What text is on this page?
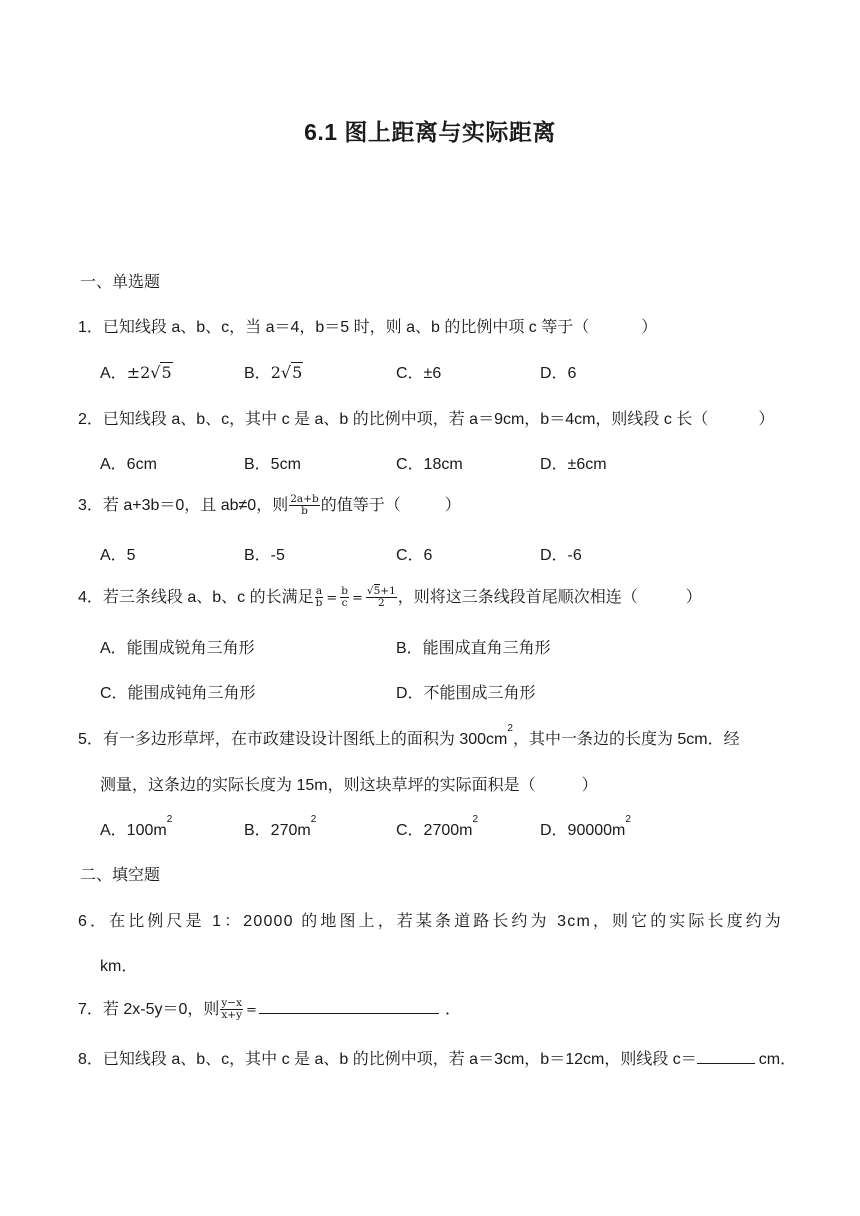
6.1 图上距离与实际距离
一、单选题
1．已知线段 a、b、c，当 a＝4，b＝5 时，则 a、b 的比例中项 c 等于（	）
A．±2√5	B．2√5	C．±6	D．6
2．已知线段 a、b、c，其中 c 是 a、b 的比例中项，若 a＝9cm，b＝4cm，则线段 c 长（	）
A．6cm	B．5cm	C．18cm	D．±6cm
3．若 a+3b＝0，且 ab≠0，则 $\frac{2a+b}{b}$ 的值等于（	）
A．5	B．-5	C．6	D．-6
4．若三条线段 a、b、c 的长满足 $\frac{a}{b} = \frac{b}{c} = \frac{√5+1}{2}$ ，则将这三条线段首尾顺次相连（	）
A．能围成锐角三角形	B．能围成直角三角形
C．能围成钝角三角形	D．不能围成三角形
5．有一多边形草坪，在市政建设设计图纸上的面积为 $300cm^2$，其中一条边的长度为 5cm．经
测量，这条边的实际长度为 15m，则这块草坪的实际面积是（	）
A．$100m^2$
B．$270m^2$
C．$2700m^2$
D．$90000m^2$
二、填空题
6．在比例尺是 1：20000 的地图上，若某条道路长约为 3cm，则它的实际长度约为
km．
7．若 2x-5y＝0，则 $\frac{y-x}{x+y}$ =	．
8．已知线段 a、b、c，其中 c 是 a、b 的比例中项，若 a＝3cm，b＝12cm，则线段 c＝	cm．
